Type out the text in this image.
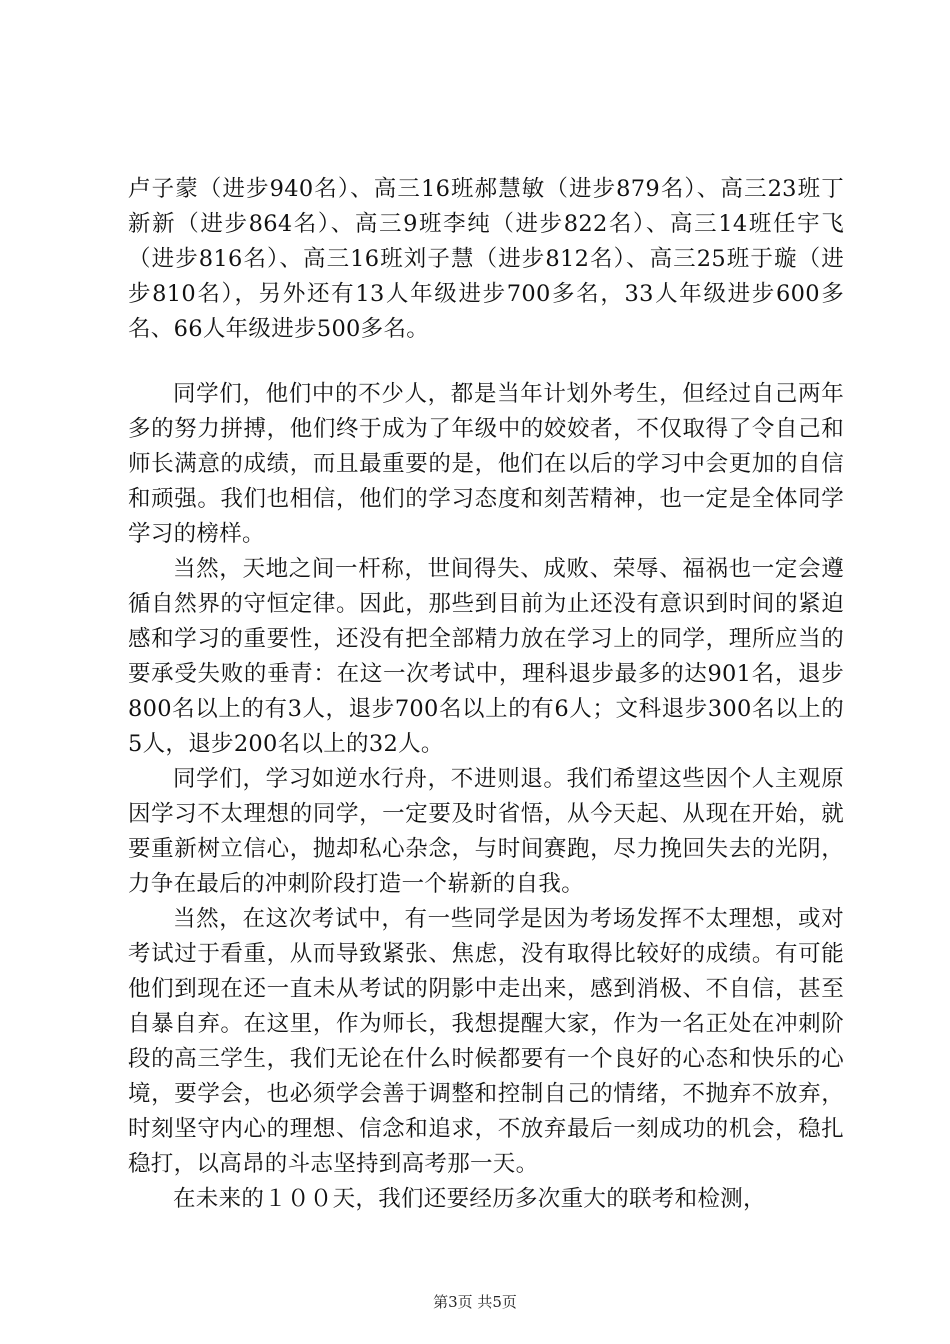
卢子蒙（进步940名）、高三16班郝慧敏（进步879名）、高三23班丁新新（进步864名）、高三9班李纯（进步822名）、高三14班任宇飞（进步816名）、高三16班刘子慧（进步812名）、高三25班于璇（进步810名），另外还有13人年级进步700多名，33人年级进步600多名、66人年级进步500多名。

同学们，他们中的不少人，都是当年计划外考生，但经过自己两年多的努力拼搏，他们终于成为了年级中的姣姣者，不仅取得了令自己和师长满意的成绩，而且最重要的是，他们在以后的学习中会更加的自信和顽强。我们也相信，他们的学习态度和刻苦精神，也一定是全体同学学习的榜样。

当然，天地之间一杆称，世间得失、成败、荣辱、福祸也一定会遵循自然界的守恒定律。因此，那些到目前为止还没有意识到时间的紧迫感和学习的重要性，还没有把全部精力放在学习上的同学，理所应当的要承受失败的垂青：在这一次考试中，理科退步最多的达901名，退步800名以上的有3人，退步700名以上的有6人；文科退步300名以上的5人，退步200名以上的32人。

同学们，学习如逆水行舟，不进则退。我们希望这些因个人主观原因学习不太理想的同学，一定要及时省悟，从今天起、从现在开始，就要重新树立信心，抛却私心杂念，与时间赛跑，尽力挽回失去的光阴，力争在最后的冲刺阶段打造一个崭新的自我。

当然，在这次考试中，有一些同学是因为考场发挥不太理想，或对考试过于看重，从而导致紧张、焦虑，没有取得比较好的成绩。有可能他们到现在还一直未从考试的阴影中走出来，感到消极、不自信，甚至自暴自弃。在这里，作为师长，我想提醒大家，作为一名正处在冲刺阶段的高三学生，我们无论在什么时候都要有一个良好的心态和快乐的心境，要学会，也必须学会善于调整和控制自己的情绪，不抛弃不放弃，时刻坚守内心的理想、信念和追求，不放弃最后一刻成功的机会，稳扎稳打，以高昂的斗志坚持到高考那一天。

在未来的１００天，我们还要经历多次重大的联考和检测，

第3页 共5页
